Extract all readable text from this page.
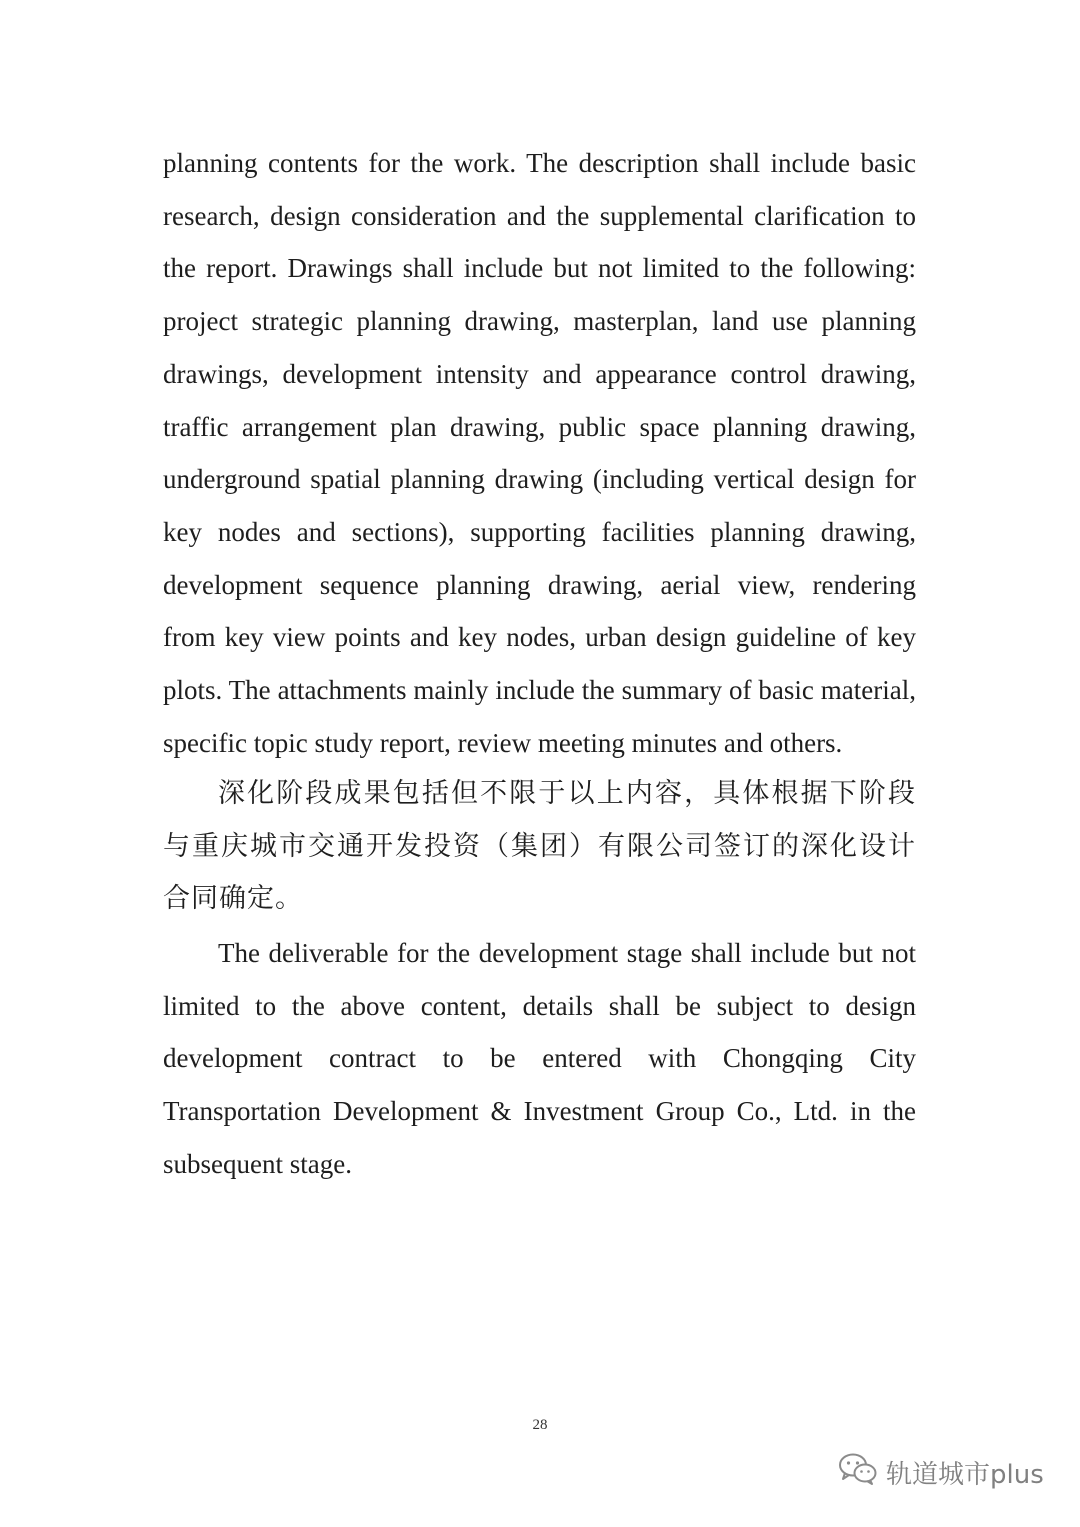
planning contents for the work. The description shall include basic
research, design consideration and the supplemental clarification to
the report. Drawings shall include but not limited to the following:
project strategic planning drawing, masterplan, land use planning
drawings, development intensity and appearance control drawing,
traffic arrangement plan drawing, public space planning drawing,
underground spatial planning drawing (including vertical design for
key nodes and sections), supporting facilities planning drawing,
development sequence planning drawing, aerial view, rendering
from key view points and key nodes, urban design guideline of key
plots. The attachments mainly include the summary of basic material,
specific topic study report, review meeting minutes and others.
深化阶段成果包括但不限于以上内容，具体根据下阶段
与重庆城市交通开发投资（集团）有限公司签订的深化设计
合同确定。
The deliverable for the development stage shall include but not
limited to the above content, details shall be subject to design
development contract to be entered with Chongqing City
Transportation Development & Investment Group Co., Ltd. in the
subsequent stage.
28
轨道城市plus
